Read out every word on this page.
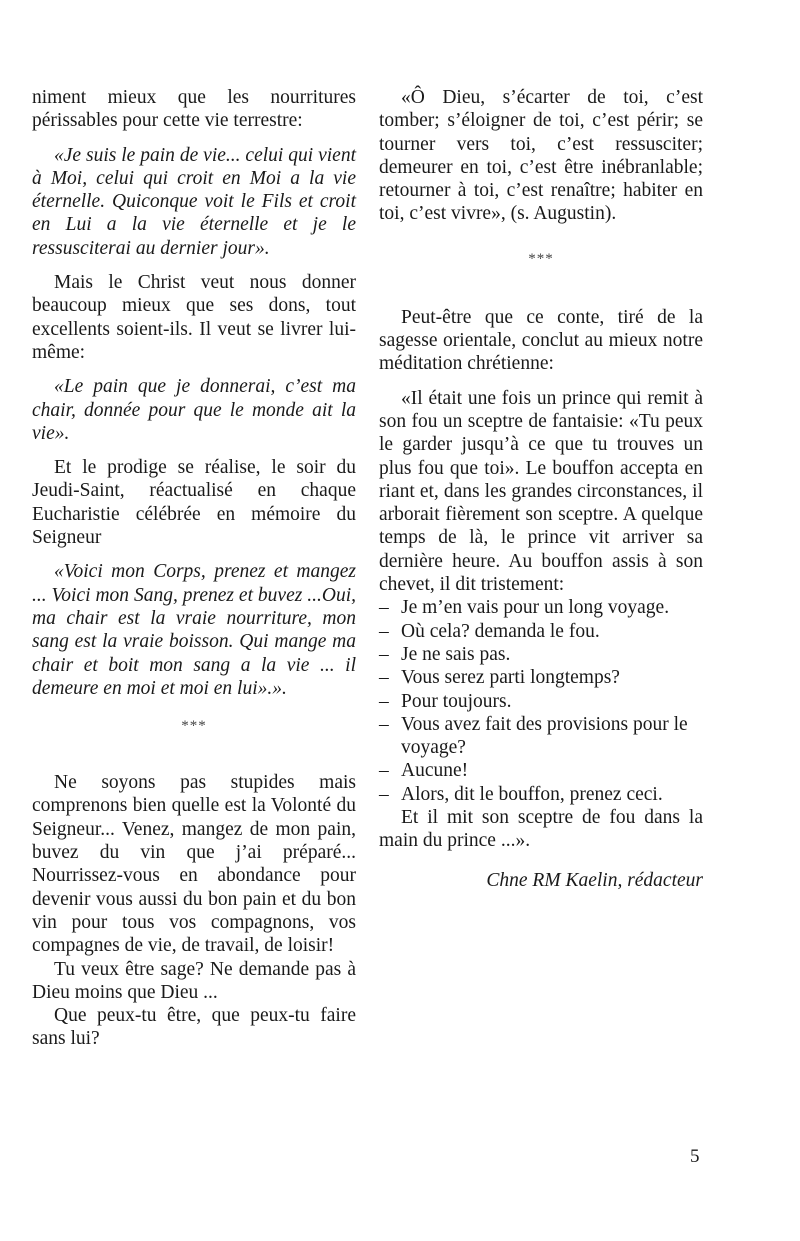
niment mieux que les nourritures périssables pour cette vie terrestre:

«Je suis le pain de vie... celui qui vient à Moi, celui qui croit en Moi a la vie éternelle. Quiconque voit le Fils et croit en Lui a la vie éternelle et je le ressusciterai au dernier jour».

Mais le Christ veut nous donner beaucoup mieux que ses dons, tout excellents soient-ils. Il veut se livrer lui-même:

«Le pain que je donnerai, c’est ma chair, donnée pour que le monde ait la vie».

Et le prodige se réalise, le soir du Jeudi-Saint, réactualisé en chaque Eucharistie célébrée en mémoire du Seigneur

«Voici mon Corps, prenez et mangez ... Voici mon Sang, prenez et buvez ...Oui, ma chair est la vraie nourriture, mon sang est la vraie boisson. Qui mange ma chair et boit mon sang a la vie ... il demeure en moi et moi en lui».».

***

Ne soyons pas stupides mais comprenons bien quelle est la Volonté du Seigneur... Venez, mangez de mon pain, buvez du vin que j’ai préparé... Nourrissez-vous en abondance pour devenir vous aussi du bon pain et du bon vin pour tous vos compagnons, vos compagnes de vie, de travail, de loisir!

Tu veux être sage? Ne demande pas à Dieu moins que Dieu ...

Que peux-tu être, que peux-tu faire sans lui?

«Ô Dieu, s’écarter de toi, c’est tomber; s’éloigner de toi, c’est périr; se tourner vers toi, c’est ressusciter; demeurer en toi, c’est être inébranlable; retourner à toi, c’est renaître; habiter en toi, c’est vivre», (s. Augustin).

***

Peut-être que ce conte, tiré de la sagesse orientale, conclut au mieux notre méditation chrétienne:

«Il était une fois un prince qui remit à son fou un sceptre de fantaisie: «Tu peux le garder jusqu’à ce que tu trouves un plus fou que toi». Le bouffon accepta en riant et, dans les grandes circonstances, il arborait fièrement son sceptre. A quelque temps de là, le prince vit arriver sa dernière heure. Au bouffon assis à son chevet, il dit tristement:

– Je m’en vais pour un long voyage.
– Où cela? demanda le fou.
– Je ne sais pas.
– Vous serez parti longtemps?
– Pour toujours.
– Vous avez fait des provisions pour le voyage?
– Aucune!
– Alors, dit le bouffon, prenez ceci.

Et il mit son sceptre de fou dans la main du prince ...».

Chne RM Kaelin, rédacteur

5
